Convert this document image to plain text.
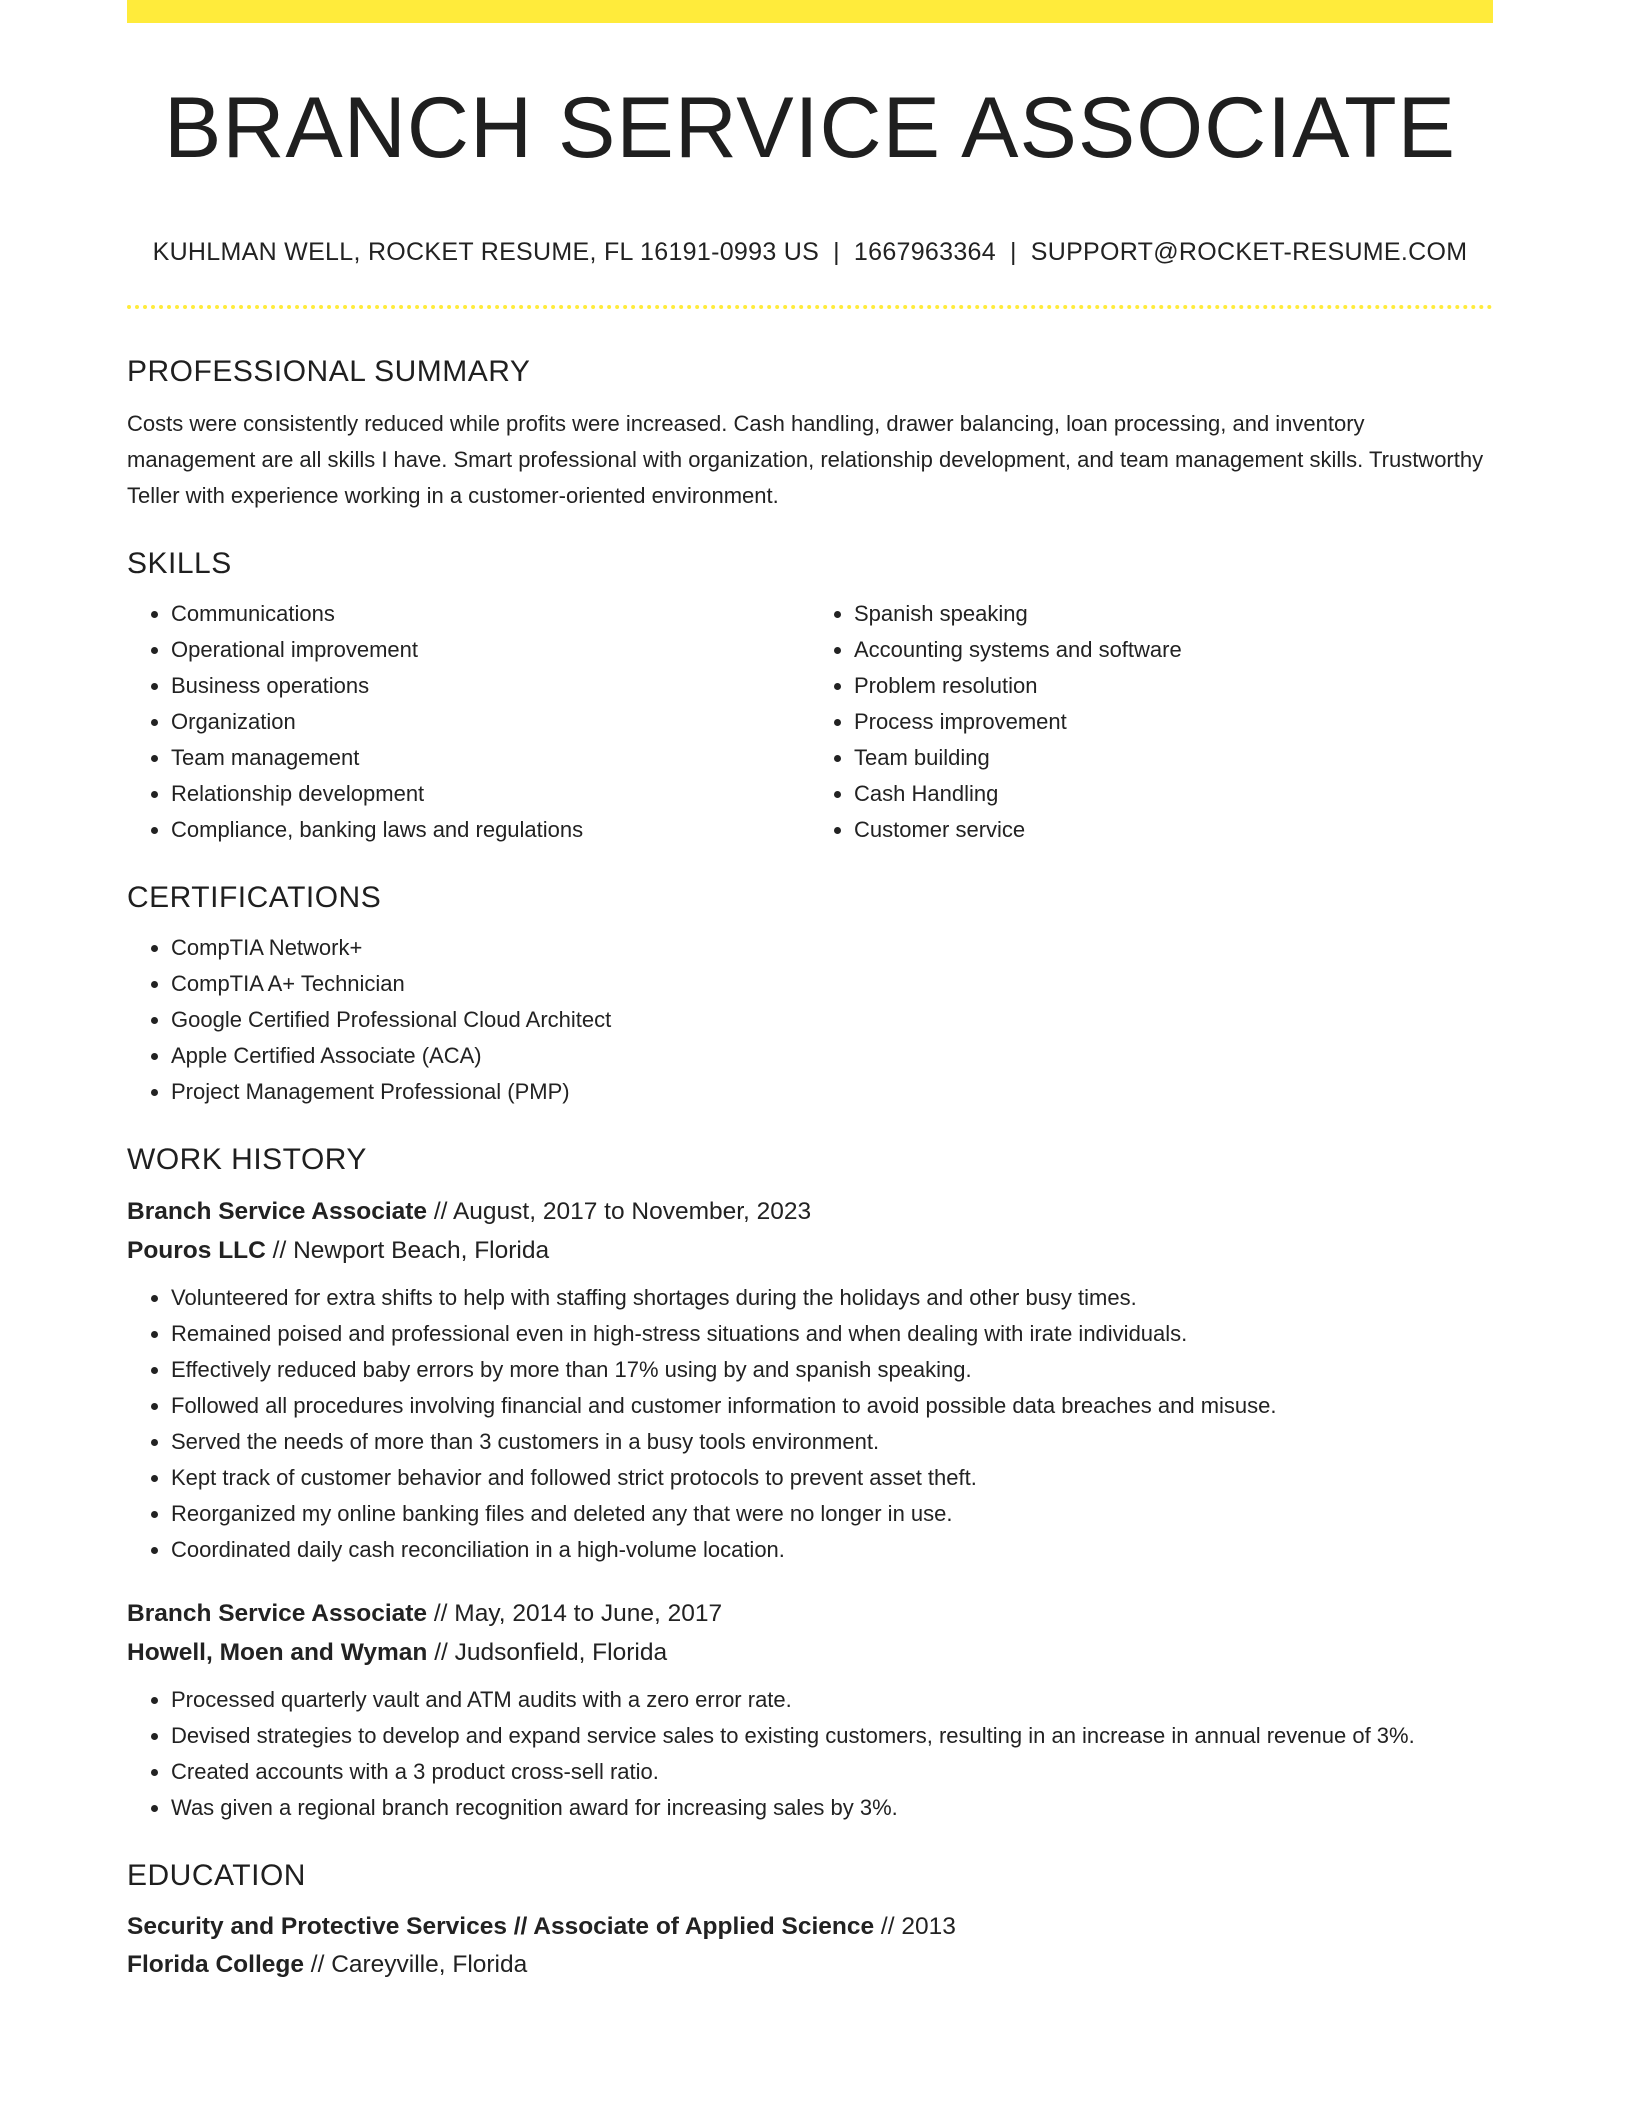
BRANCH SERVICE ASSOCIATE
KUHLMAN WELL, ROCKET RESUME, FL 16191-0993 US | 1667963364 | SUPPORT@ROCKET-RESUME.COM
PROFESSIONAL SUMMARY

Costs were consistently reduced while profits were increased. Cash handling, drawer balancing, loan processing, and inventory management are all skills I have. Smart professional with organization, relationship development, and team management skills. Trustworthy Teller with experience working in a customer-oriented environment.

SKILLS
• Communications
• Operational improvement
• Business operations
• Organization
• Team management
• Relationship development
• Compliance, banking laws and regulations
• Spanish speaking
• Accounting systems and software
• Problem resolution
• Process improvement
• Team building
• Cash Handling
• Customer service
CERTIFICATIONS
• CompTIA Network+
• CompTIA A+ Technician
• Google Certified Professional Cloud Architect
• Apple Certified Associate (ACA)
• Project Management Professional (PMP)
WORK HISTORY
Branch Service Associate // August, 2017 to November, 2023
Pouros LLC // Newport Beach, Florida
• Volunteered for extra shifts to help with staffing shortages during the holidays and other busy times.
• Remained poised and professional even in high-stress situations and when dealing with irate individuals.
• Effectively reduced baby errors by more than 17% using by and spanish speaking.
• Followed all procedures involving financial and customer information to avoid possible data breaches and misuse.
• Served the needs of more than 3 customers in a busy tools environment.
• Kept track of customer behavior and followed strict protocols to prevent asset theft.
• Reorganized my online banking files and deleted any that were no longer in use.
• Coordinated daily cash reconciliation in a high-volume location.
Branch Service Associate // May, 2014 to June, 2017
Howell, Moen and Wyman // Judsonfield, Florida
• Processed quarterly vault and ATM audits with a zero error rate.
• Devised strategies to develop and expand service sales to existing customers, resulting in an increase in annual revenue of 3%.
• Created accounts with a 3 product cross-sell ratio.
• Was given a regional branch recognition award for increasing sales by 3%.
EDUCATION
Security and Protective Services // Associate of Applied Science // 2013
Florida College // Careyville, Florida
